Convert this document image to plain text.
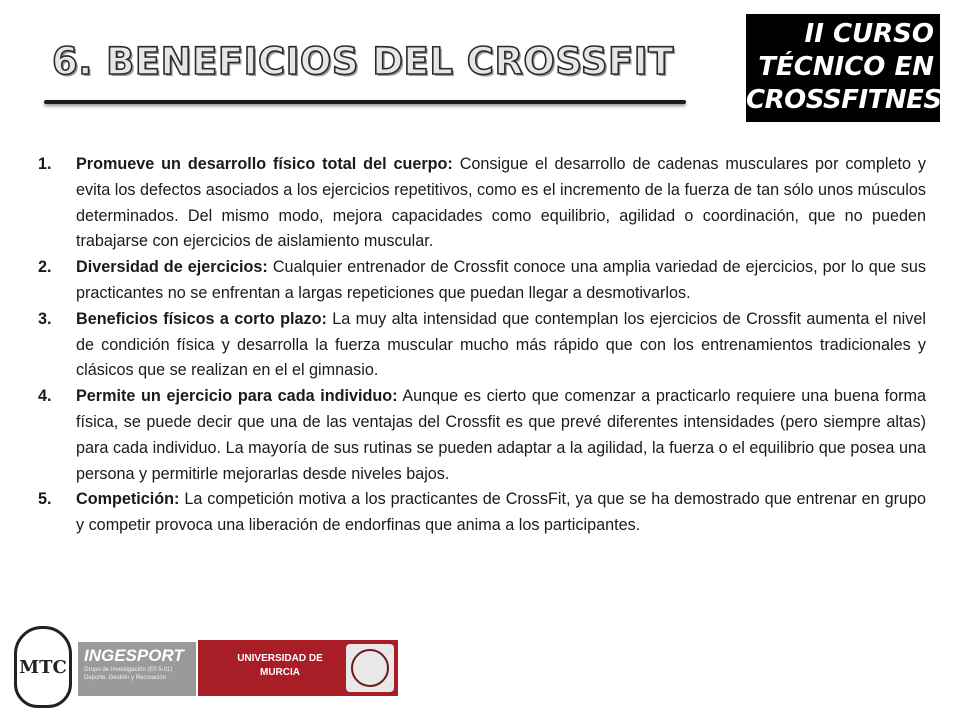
6. BENEFICIOS DEL CROSSFIT
II CURSO
TÉCNICO EN
CROSSFITNESS
1. Promueve un desarrollo físico total del cuerpo: Consigue el desarrollo de cadenas musculares por completo y evita los defectos asociados a los ejercicios repetitivos, como es el incremento de la fuerza de tan sólo unos músculos determinados. Del mismo modo, mejora capacidades como equilibrio, agilidad o coordinación, que no pueden trabajarse con ejercicios de aislamiento muscular.
2. Diversidad de ejercicios: Cualquier entrenador de Crossfit conoce una amplia variedad de ejercicios, por lo que sus practicantes no se enfrentan a largas repeticiones que puedan llegar a desmotivarlos.
3. Beneficios físicos a corto plazo: La muy alta intensidad que contemplan los ejercicios de Crossfit aumenta el nivel de condición física y desarrolla la fuerza muscular mucho más rápido que con los entrenamientos tradicionales y clásicos que se realizan en el el gimnasio.
4. Permite un ejercicio para cada individuo: Aunque es cierto que comenzar a practicarlo requiere una buena forma física, se puede decir que una de las ventajas del Crossfit es que prevé diferentes intensidades (pero siempre altas) para cada individuo. La mayoría de sus rutinas se pueden adaptar a la agilidad, la fuerza o el equilibrio que posea una persona y permitirle mejorarlas desde niveles bajos.
5. Competición: La competición motiva a los practicantes de CrossFit, ya que se ha demostrado que entrenar en grupo y competir provoca una liberación de endorfinas que anima a los participantes.
MTC
INGESPORT
Grupo de Investigación (E0 5-01)
Deporte, Gestión y Recreación
UNIVERSIDAD DE MURCIA
